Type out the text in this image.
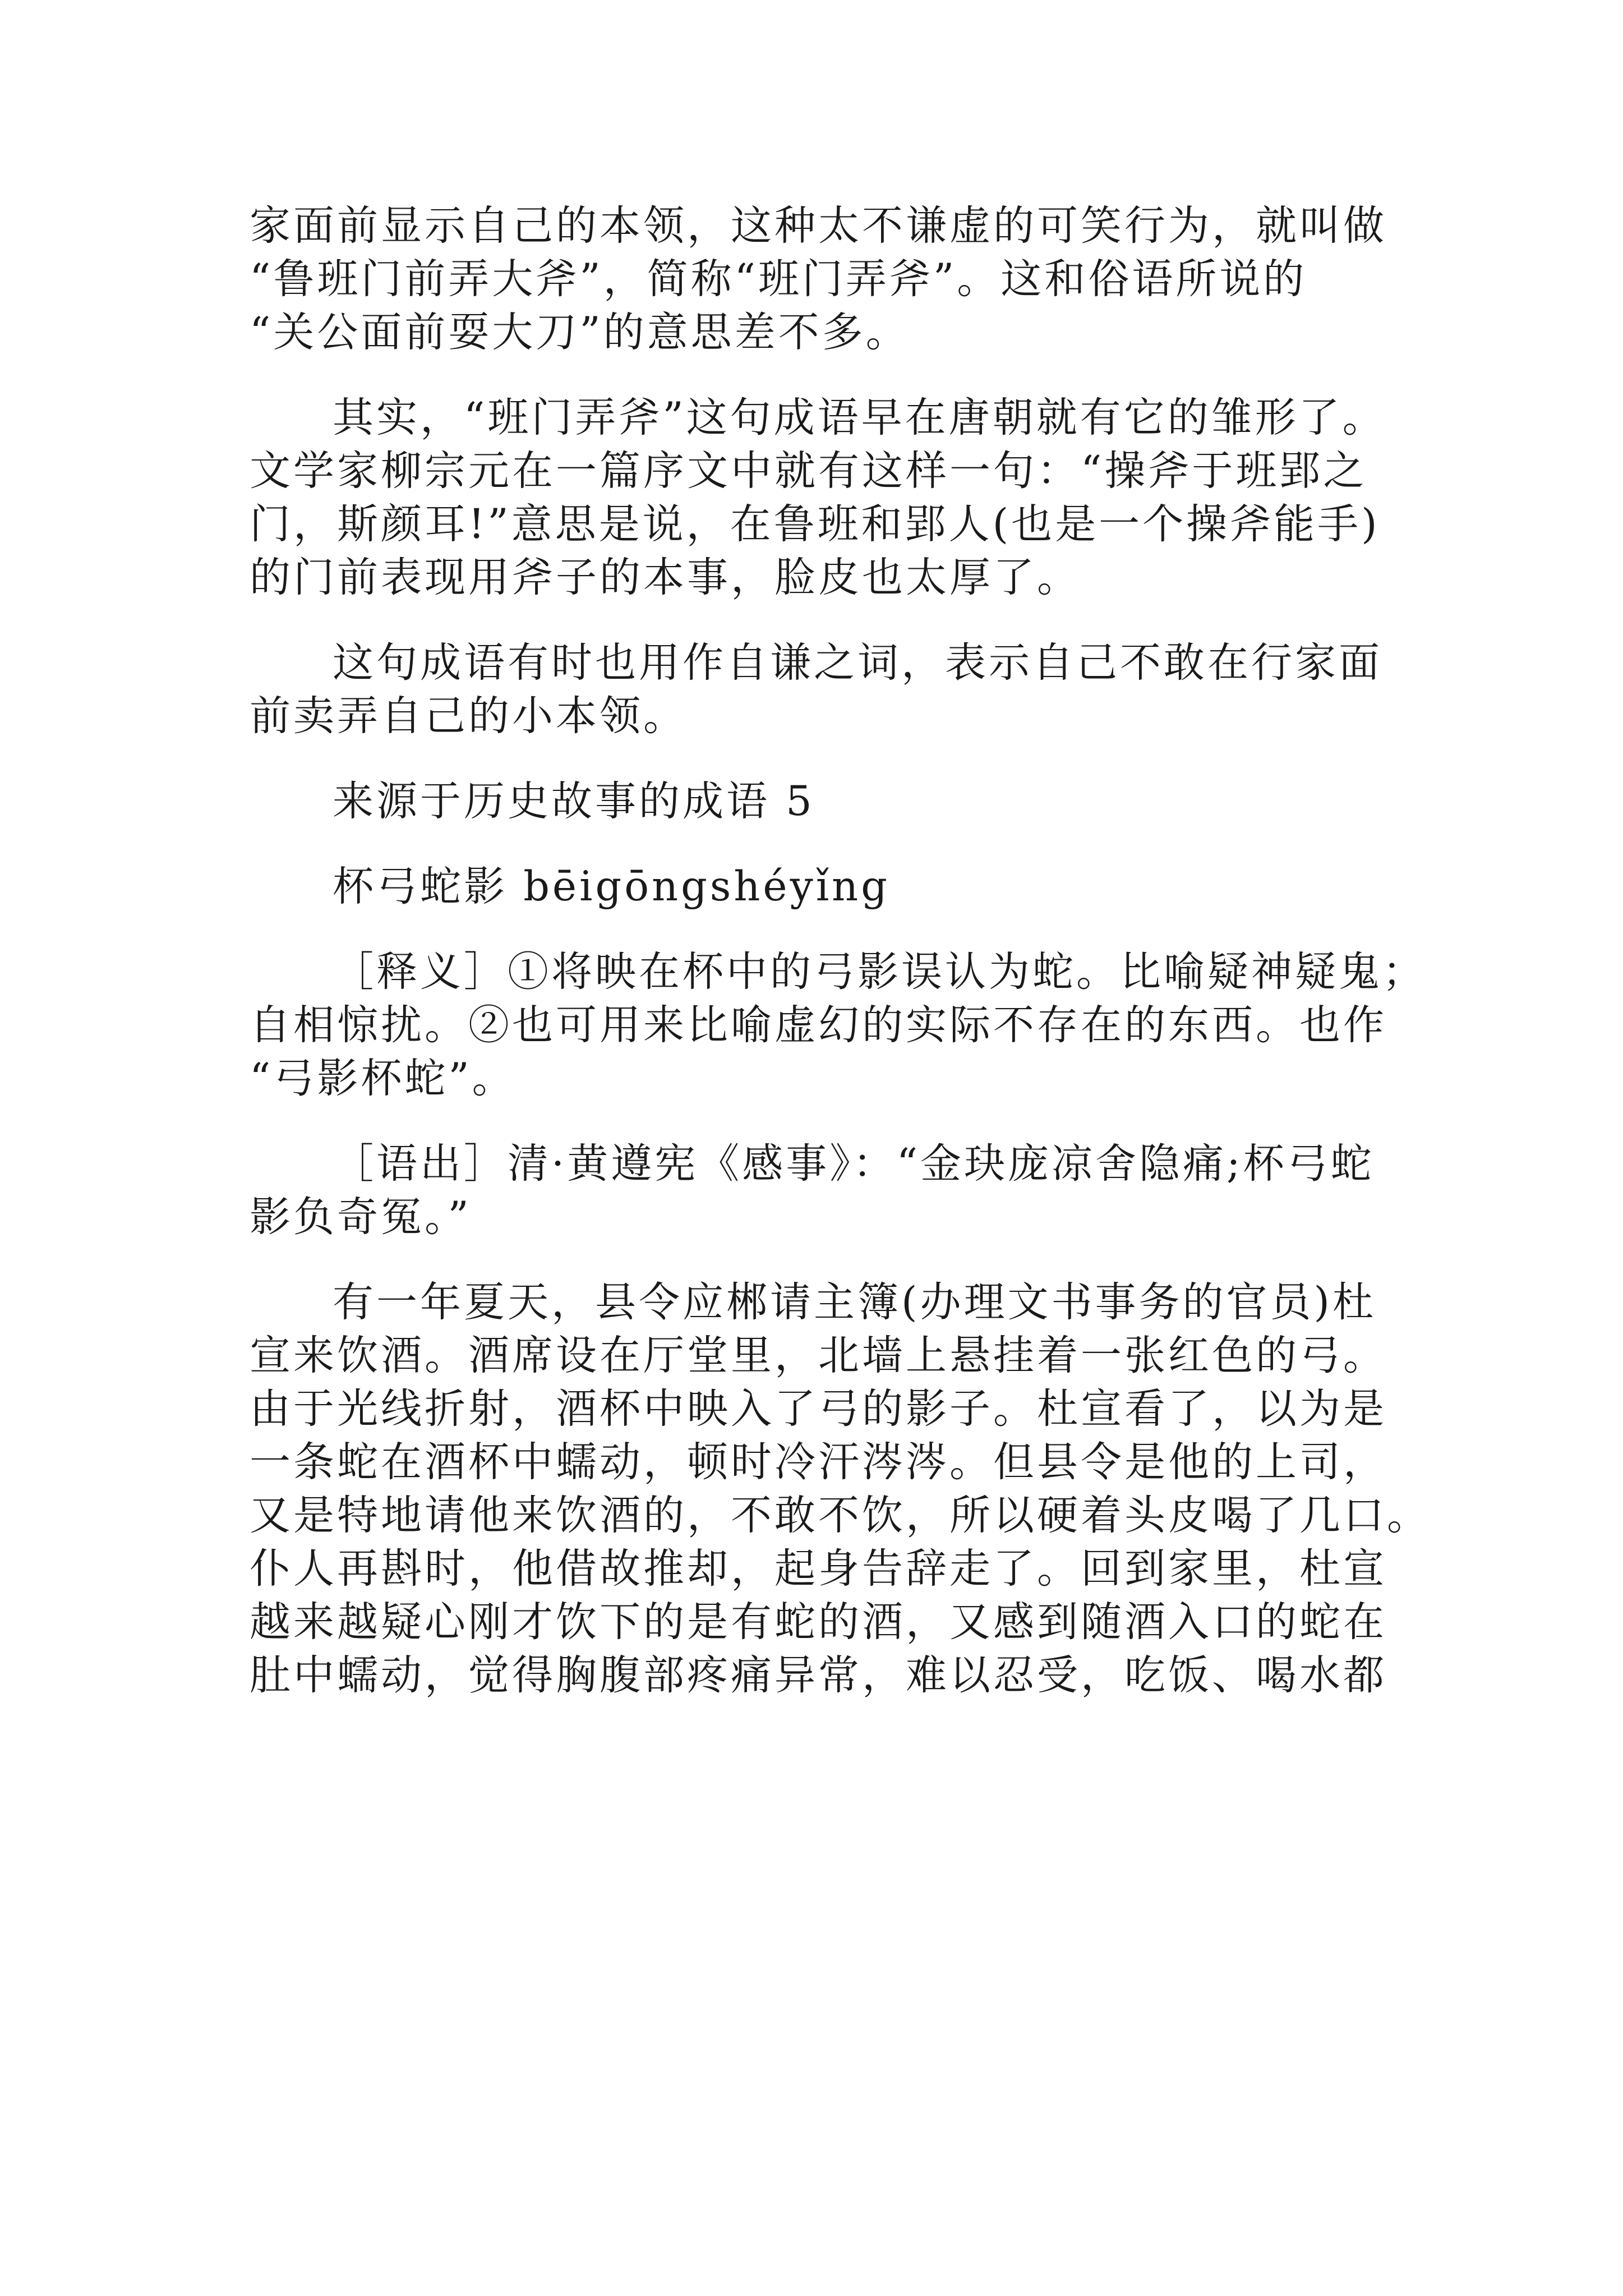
家面前显示自己的本领，这种太不谦虚的可笑行为，就叫做
“鲁班门前弄大斧”，简称“班门弄斧”。这和俗语所说的
“关公面前耍大刀”的意思差不多。
其实，“班门弄斧”这句成语早在唐朝就有它的雏形了。
文学家柳宗元在一篇序文中就有这样一句：“操斧于班郢之
门，斯颜耳!”意思是说，在鲁班和郢人(也是一个操斧能手)
的门前表现用斧子的本事，脸皮也太厚了。
这句成语有时也用作自谦之词，表示自己不敢在行家面
前卖弄自己的小本领。
来源于历史故事的成语 5
杯弓蛇影 bēigōngshéyǐng
［释义］①将映在杯中的弓影误认为蛇。比喻疑神疑鬼；
自相惊扰。②也可用来比喻虚幻的实际不存在的东西。也作
“弓影杯蛇”。
［语出］清·黄遵宪《感事》：“金玦庞凉舍隐痛;杯弓蛇
影负奇冤。”
有一年夏天，县令应郴请主簿(办理文书事务的官员)杜
宣来饮酒。酒席设在厅堂里，北墙上悬挂着一张红色的弓。
由于光线折射，酒杯中映入了弓的影子。杜宣看了，以为是
一条蛇在酒杯中蠕动，顿时冷汗涔涔。但县令是他的上司，
又是特地请他来饮酒的，不敢不饮，所以硬着头皮喝了几口。
仆人再斟时，他借故推却，起身告辞走了。回到家里，杜宣
越来越疑心刚才饮下的是有蛇的酒，又感到随酒入口的蛇在
肚中蠕动，觉得胸腹部疼痛异常，难以忍受，吃饭、喝水都
